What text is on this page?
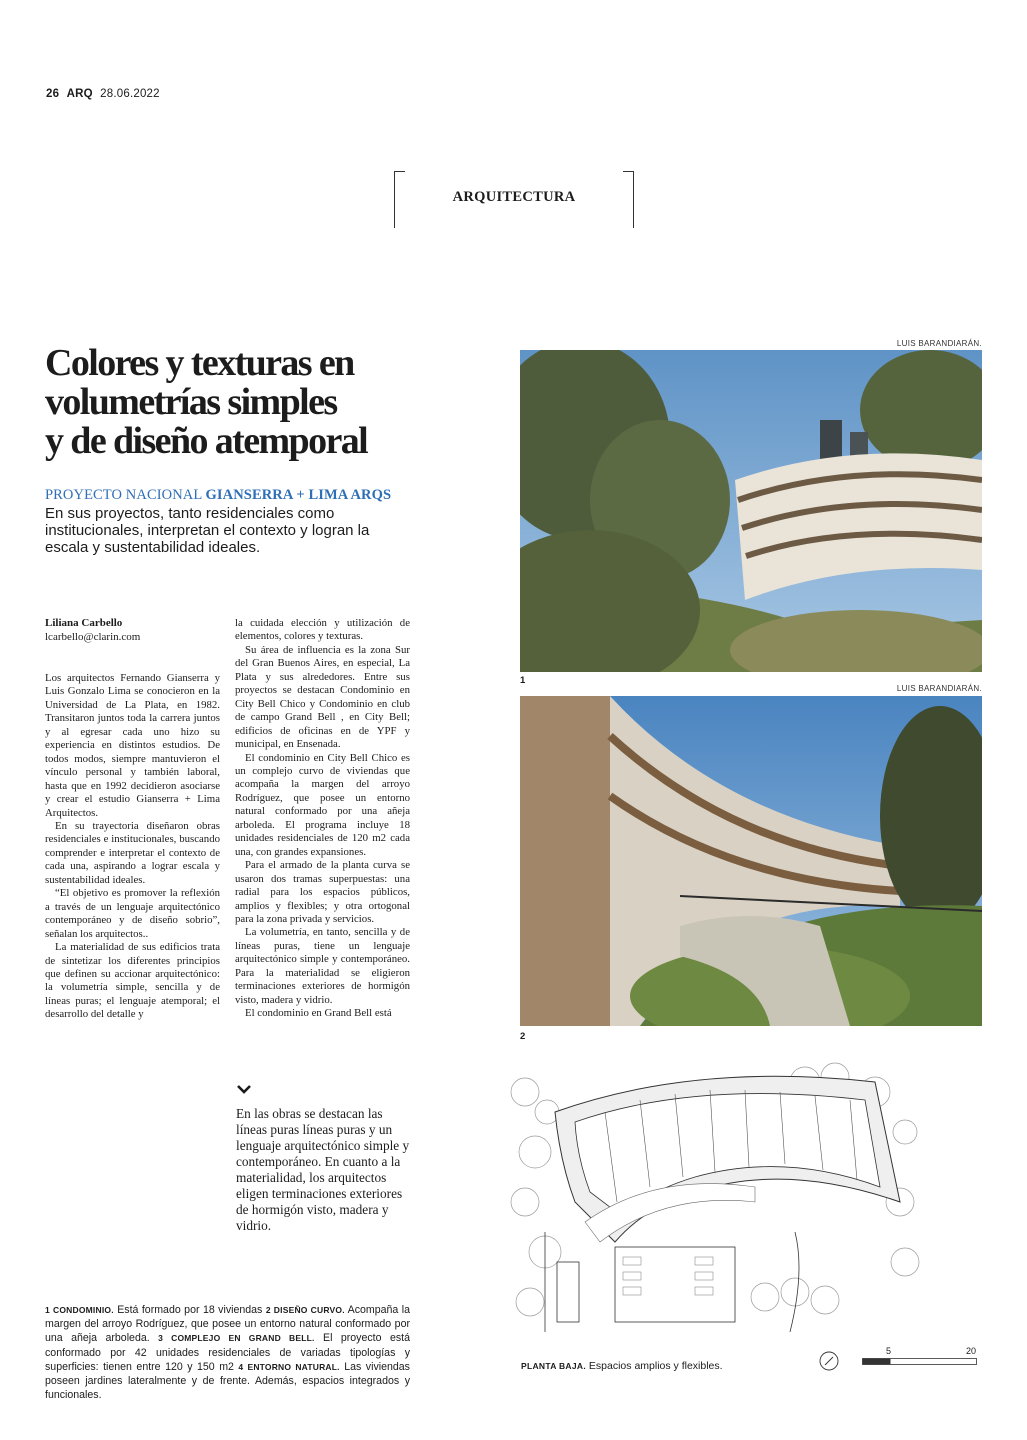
26 ARQ 28.06.2022
ARQUITECTURA
Colores y texturas en
volumetrías simples
y de diseño atemporal
PROYECTO NACIONAL GIANSERRA + LIMA ARQS
En sus proyectos, tanto residenciales como institucionales, interpretan el contexto y logran la escala y sustentabilidad ideales.
Liliana Carbello
lcarbello@clarin.com

Los arquitectos Fernando Gianserra y Luis Gonzalo Lima se conocieron en la Universidad de La Plata, en 1982. Transitaron juntos toda la carrera juntos y al egresar cada uno hizo su experiencia en distintos estudios. De todos modos, siempre mantuvieron el vínculo personal y también laboral, hasta que en 1992 decidieron asociarse y crear el estudio Gianserra + Lima Arquitectos.

En su trayectoria diseñaron obras residenciales e institucionales, buscando comprender e interpretar el contexto de cada una, aspirando a lograr escala y sustentabilidad ideales.

“El objetivo es promover la reflexión a través de un lenguaje arquitectónico contemporáneo y de diseño sobrio”, señalan los arquitectos..

La materialidad de sus edificios trata de sintetizar los diferentes principios que definen su accionar arquitectónico: la volumetría simple, sencilla y de líneas puras; el lenguaje atemporal; el desarrollo del detalle y

la cuidada elección y utilización de elementos, colores y texturas.

Su área de influencia es la zona Sur del Gran Buenos Aires, en especial, La Plata y sus alrededores. Entre sus proyectos se destacan Condominio en City Bell Chico y Condominio en club de campo Grand Bell , en City Bell; edificios de oficinas en de YPF y municipal, en Ensenada.

El condominio en City Bell Chico es un complejo curvo de viviendas que acompaña la margen del arroyo Rodríguez, que posee un entorno natural conformado por una añeja arboleda. El programa incluye 18 unidades residenciales de 120 m2 cada una, con grandes expansiones.

Para el armado de la planta curva se usaron dos tramas superpuestas: una radial para los espacios públicos, amplios y flexibles; y otra ortogonal para la zona privada y servicios.

La volumetría, en tanto, sencilla y de líneas puras, tiene un lenguaje arquitectónico simple y contemporáneo. Para la materialidad se eligieron terminaciones exteriores de hormigón visto, madera y vidrio.

El condominio en Grand Bell está

En las obras se destacan las líneas puras líneas puras y un lenguaje arquitectónico simple y contemporáneo. En cuanto a la materialidad, los arquitectos eligen terminaciones exteriores de hormigón visto, madera y vidrio.
1 CONDOMINIO. Está formado por 18 viviendas 2 DISEÑO CURVO. Acompaña la margen del arroyo Rodríguez, que posee un entorno natural conformado por una añeja arboleda. 3 COMPLEJO EN GRAND BELL. El proyecto está conformado por 42 unidades residenciales de variadas tipologías y superficies: tienen entre 120 y 150 m2 4 ENTORNO NATURAL. Las viviendas poseen jardines lateralmente y de frente. Además, espacios integrados y funcionales.
LUIS BARANDIARÁN.
1
LUIS BARANDIARÁN.
2
PLANTA BAJA. Espacios amplios y flexibles.
5	20
